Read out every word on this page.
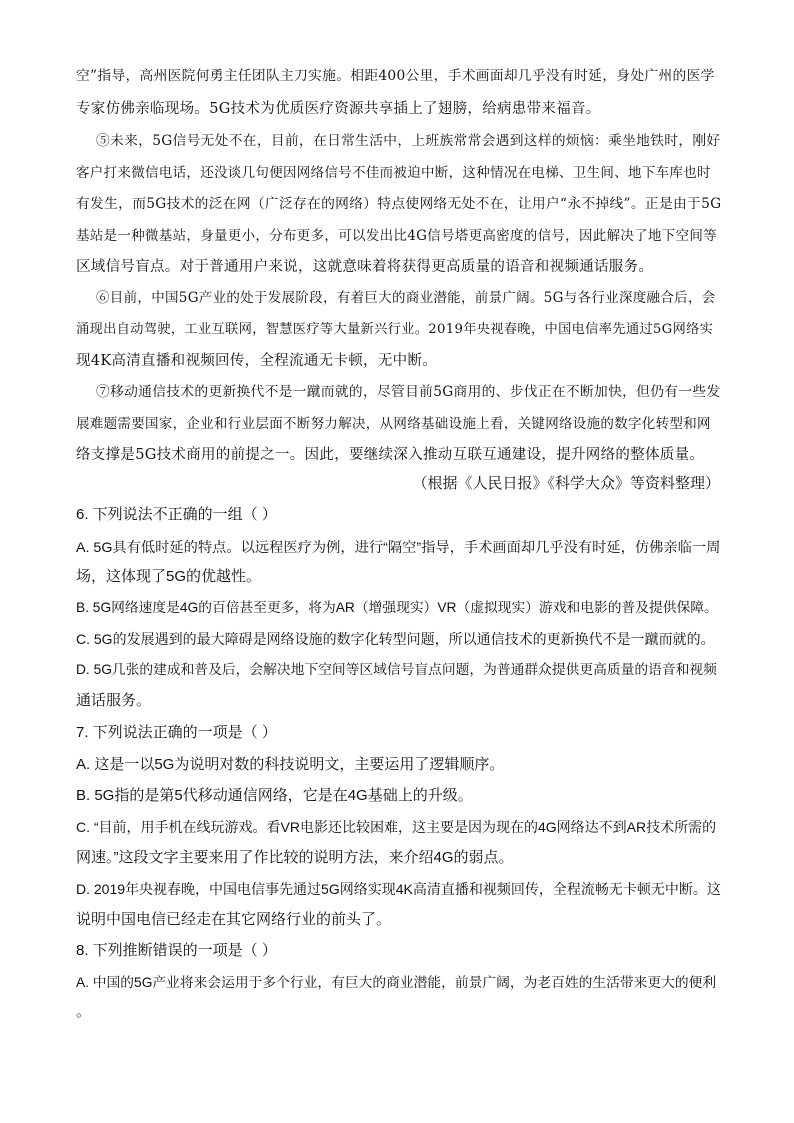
空”指导，高州医院何勇主任团队主刀实施。相距400公里，手术画面却几乎没有时延，身处广州的医学
专家仿佛亲临现场。5G技术为优质医疗资源共享插上了翅膀，给病患带来福音。
⑤未来，5G信号无处不在，目前，在日常生活中，上班族常常会遇到这样的烦恼：乘坐地铁时，刚好
客户打来微信电话，还没谈几句便因网络信号不佳而被迫中断，这种情况在电梯、卫生间、地下车库也时
有发生，而5G技术的泛在网（广泛存在的网络）特点使网络无处不在，让用户“永不掉线”。正是由于5G
基站是一种微基站，身量更小，分布更多，可以发出比4G信号塔更高密度的信号，因此解决了地下空间等
区域信号盲点。对于普通用户来说，这就意味着将获得更高质量的语音和视频通话服务。
⑥目前，中国5G产业的处于发展阶段，有着巨大的商业潜能，前景广阔。5G与各行业深度融合后，会
涌现出自动驾驶，工业互联网，智慧医疗等大量新兴行业。2019年央视春晚，中国电信率先通过5G网络实
现4K高清直播和视频回传，全程流通无卡顿，无中断。
⑦移动通信技术的更新换代不是一蹴而就的，尽管目前5G商用的、步伐正在不断加快，但仍有一些发
展难题需要国家，企业和行业层面不断努力解决，从网络基础设施上看，关键网络设施的数字化转型和网
络支撑是5G技术商用的前提之一。因此，要继续深入推动互联互通建设，提升网络的整体质量。
（根据《人民日报》《科学大众》等资料整理）
6. 下列说法不正确的一组（ ）
A. 5G具有低时延的特点。以远程医疗为例，进行“隔空”指导，手术画面却几乎没有时延，仿佛亲临一周
场，这体现了5G的优越性。
B. 5G网络速度是4G的百倍甚至更多，将为AR（增强现实）VR（虚拟现实）游戏和电影的普及提供保障。
C. 5G的发展遇到的最大障碍是网络设施的数字化转型问题，所以通信技术的更新换代不是一蹴而就的。
D. 5G几张的建成和普及后，会解决地下空间等区域信号盲点问题，为普通群众提供更高质量的语音和视频
通话服务。
7. 下列说法正确的一项是（ ）
A. 这是一以5G为说明对数的科技说明文，主要运用了逻辑顺序。
B. 5G指的是第5代移动通信网络，它是在4G基础上的升级。
C. “目前，用手机在线玩游戏。看VR电影还比较困难，这主要是因为现在的4G网络达不到AR技术所需的
网速。”这段文字主要来用了作比较的说明方法，来介绍4G的弱点。
D. 2019年央视春晚，中国电信事先通过5G网络实现4K高清直播和视频回传，全程流畅无卡顿无中断。这
说明中国电信已经走在其它网络行业的前头了。
8. 下列推断错误的一项是（ ）
A. 中国的5G产业将来会运用于多个行业，有巨大的商业潜能，前景广阔，为老百姓的生活带来更大的便利
。
